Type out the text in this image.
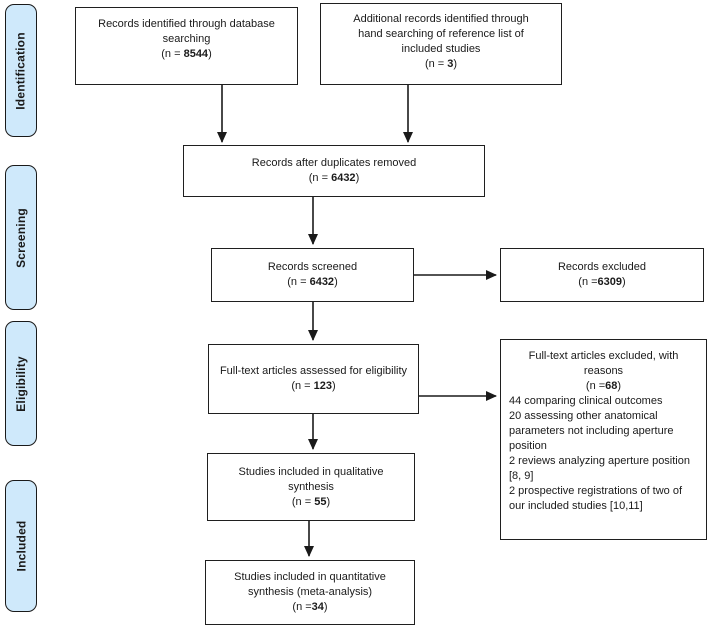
Identification
Screening
Eligibility
Included
Records identified through database searching
(n = 8544)
Additional records identified through hand searching of reference list of included studies
(n = 3)
Records after duplicates removed
(n = 6432)
Records screened
(n = 6432)
Records excluded
(n =6309)
Full-text articles assessed for eligibility
(n = 123)
Full-text articles excluded, with reasons
(n =68)
44 comparing clinical outcomes
20 assessing other anatomical parameters not including aperture position
2 reviews analyzing aperture position [8, 9]
2 prospective registrations of two of our included studies [10,11]
Studies included in qualitative synthesis
(n = 55)
Studies included in quantitative synthesis (meta-analysis)
(n =34)
